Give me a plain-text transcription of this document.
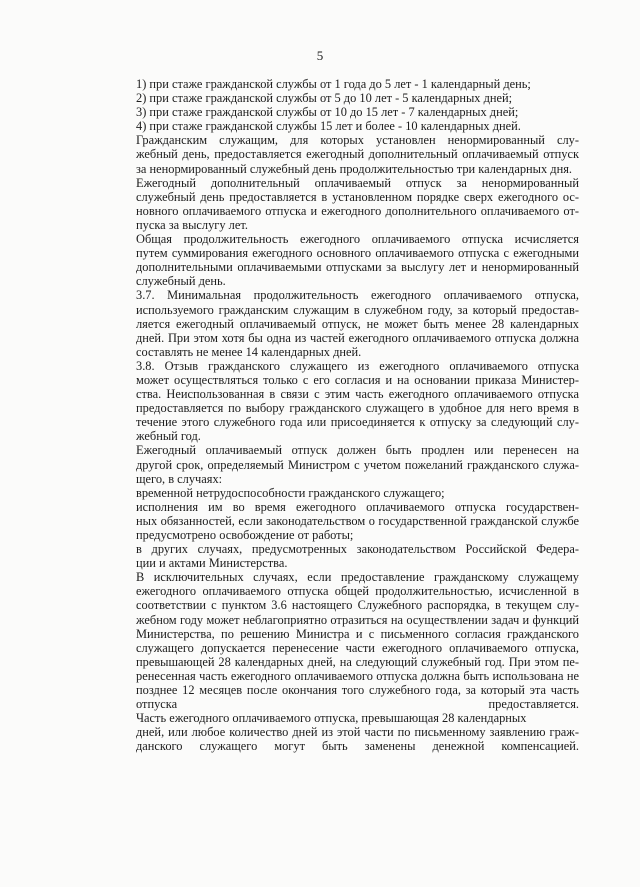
5

1) при стаже гражданской службы от 1 года до 5 лет - 1 календарный день;

2) при стаже гражданской службы от 5 до 10 лет - 5 календарных дней;

3) при стаже гражданской службы от 10 до 15 лет - 7 календарных дней;

4) при стаже гражданской службы 15 лет и более - 10 календарных дней.

Гражданским служащим, для которых установлен ненормированный слу-
жебный день, предоставляется ежегодный дополнительный оплачиваемый отпуск
за ненормированный служебный день продолжительностью три календарных дня.

Ежегодный дополнительный оплачиваемый отпуск за ненормированный
служебный день предоставляется в установленном порядке сверх ежегодного ос-
новного оплачиваемого отпуска и ежегодного дополнительного оплачиваемого от-
пуска за выслугу лет.

Общая продолжительность ежегодного оплачиваемого отпуска исчисляется
путем суммирования ежегодного основного оплачиваемого отпуска с ежегодными
дополнительными оплачиваемыми отпусками за выслугу лет и ненормированный
служебный день.

3.7. Минимальная продолжительность ежегодного оплачиваемого отпуска,
используемого гражданским служащим в служебном году, за который предостав-
ляется ежегодный оплачиваемый отпуск, не может быть менее 28 календарных
дней. При этом хотя бы одна из частей ежегодного оплачиваемого отпуска должна
составлять не менее 14 календарных дней.

3.8. Отзыв гражданского служащего из ежегодного оплачиваемого отпуска
может осуществляться только с его согласия и на основании приказа Министер-
ства. Неиспользованная в связи с этим часть ежегодного оплачиваемого отпуска
предоставляется по выбору гражданского служащего в удобное для него время в
течение этого служебного года или присоединяется к отпуску за следующий слу-
жебный год.

Ежегодный оплачиваемый отпуск должен быть продлен или перенесен на
другой срок, определяемый Министром с учетом пожеланий гражданского служа-
щего, в случаях:

временной нетрудоспособности гражданского служащего;

исполнения им во время ежегодного оплачиваемого отпуска государствен-
ных обязанностей, если законодательством о государственной гражданской службе
предусмотрено освобождение от работы;

в других случаях, предусмотренных законодательством Российской Федера-
ции и актами Министерства.

В исключительных случаях, если предоставление гражданскому служащему
ежегодного оплачиваемого отпуска общей продолжительностью, исчисленной в
соответствии с пунктом 3.6 настоящего Служебного распорядка, в текущем слу-
жебном году может неблагоприятно отразиться на осуществлении задач и функций
Министерства, по решению Министра и с письменного согласия гражданского
служащего допускается перенесение части ежегодного оплачиваемого отпуска,
превышающей 28 календарных дней, на следующий служебный год. При этом пе-
ренесенная часть ежегодного оплачиваемого отпуска должна быть использована не
позднее 12 месяцев после окончания того служебного года, за который эта часть
отпуска предоставляется.
Часть ежегодного оплачиваемого отпуска, превышающая 28 календарных

дней, или любое количество дней из этой части по письменному заявлению граж-
данского служащего могут быть заменены денежной компенсацией.
